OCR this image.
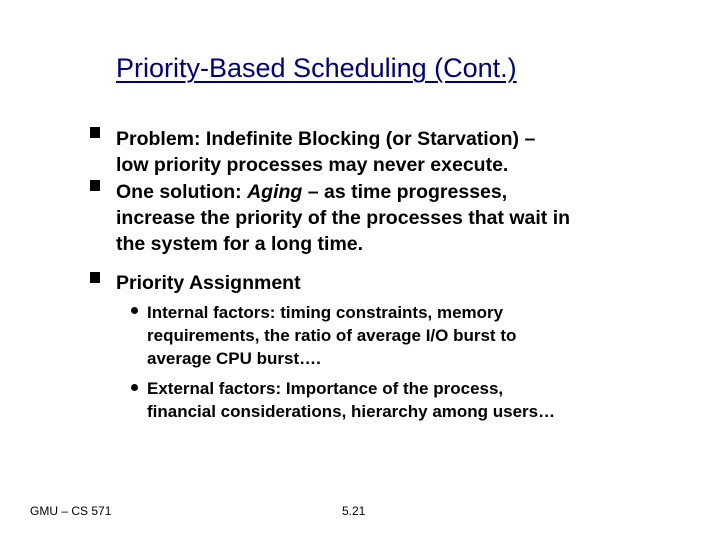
Priority-Based Scheduling (Cont.)
Problem: Indefinite Blocking (or Starvation) –
low priority processes may never execute.
One solution: Aging – as time progresses,
increase the priority of the processes that wait in
the system for a long time.
Priority Assignment
Internal factors: timing constraints, memory
requirements, the ratio of average I/O burst to
average CPU burst….
External factors: Importance of the process,
financial considerations, hierarchy among users…
GMU – CS 571	5.21
